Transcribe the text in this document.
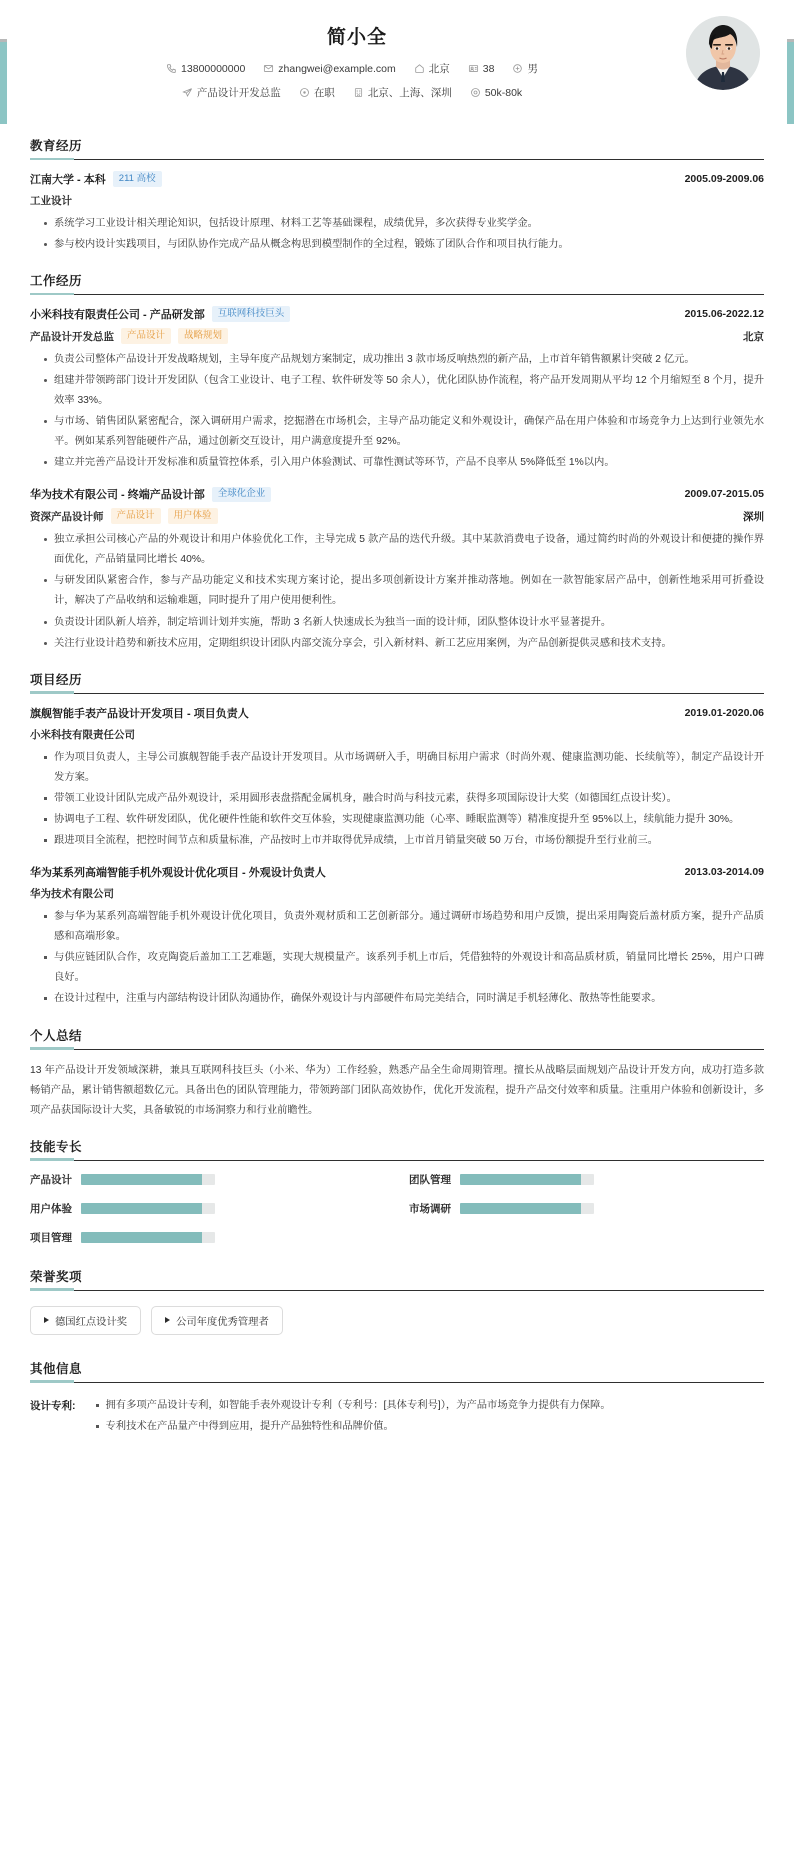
简小全
13800000000	zhangwei@example.com	北京	38	男
产品设计开发总监	在职	北京、上海、深圳	50k-80k
教育经历
江南大学 - 本科	211 高校	2005.09-2009.06
工业设计
系统学习工业设计相关理论知识，包括设计原理、材料工艺等基础课程，成绩优异，多次获得专业奖学金。
参与校内设计实践项目，与团队协作完成产品从概念构思到模型制作的全过程，锻炼了团队合作和项目执行能力。
工作经历
小米科技有限责任公司 - 产品研发部	互联网科技巨头	2015.06-2022.12
产品设计开发总监	产品设计	战略规划	北京
负责公司整体产品设计开发战略规划，主导年度产品规划方案制定，成功推出 3 款市场反响热烈的新产品，上市首年销售额累计突破 2 亿元。
组建并带领跨部门设计开发团队（包含工业设计、电子工程、软件研发等 50 余人），优化团队协作流程，将产品开发周期从平均 12 个月缩短至 8 个月，提升效率 33%。
与市场、销售团队紧密配合，深入调研用户需求，挖掘潜在市场机会，主导产品功能定义和外观设计，确保产品在用户体验和市场竞争力上达到行业领先水平。例如某系列智能硬件产品，通过创新交互设计，用户满意度提升至 92%。
建立并完善产品设计开发标准和质量管控体系，引入用户体验测试、可靠性测试等环节，产品不良率从 5%降低至 1%以内。
华为技术有限公司 - 终端产品设计部	全球化企业	2009.07-2015.05
资深产品设计师	产品设计	用户体验	深圳
独立承担公司核心产品的外观设计和用户体验优化工作，主导完成 5 款产品的迭代升级。其中某款消费电子设备，通过简约时尚的外观设计和便捷的操作界面优化，产品销量同比增长 40%。
与研发团队紧密合作，参与产品功能定义和技术实现方案讨论，提出多项创新设计方案并推动落地。例如在一款智能家居产品中，创新性地采用可折叠设计，解决了产品收纳和运输难题，同时提升了用户使用便利性。
负责设计团队新人培养，制定培训计划并实施，帮助 3 名新人快速成长为独当一面的设计师，团队整体设计水平显著提升。
关注行业设计趋势和新技术应用，定期组织设计团队内部交流分享会，引入新材料、新工艺应用案例，为产品创新提供灵感和技术支持。
项目经历
旗舰智能手表产品设计开发项目 - 项目负责人	2019.01-2020.06
小米科技有限责任公司
作为项目负责人，主导公司旗舰智能手表产品设计开发项目。从市场调研入手，明确目标用户需求（时尚外观、健康监测功能、长续航等），制定产品设计开发方案。
带领工业设计团队完成产品外观设计，采用圆形表盘搭配金属机身，融合时尚与科技元素，获得多项国际设计大奖（如德国红点设计奖）。
协调电子工程、软件研发团队，优化硬件性能和软件交互体验，实现健康监测功能（心率、睡眠监测等）精准度提升至 95%以上，续航能力提升 30%。
跟进项目全流程，把控时间节点和质量标准，产品按时上市并取得优异成绩，上市首月销量突破 50 万台，市场份额提升至行业前三。
华为某系列高端智能手机外观设计优化项目 - 外观设计负责人	2013.03-2014.09
华为技术有限公司
参与华为某系列高端智能手机外观设计优化项目，负责外观材质和工艺创新部分。通过调研市场趋势和用户反馈，提出采用陶瓷后盖材质方案，提升产品质感和高端形象。
与供应链团队合作，攻克陶瓷后盖加工工艺难题，实现大规模量产。该系列手机上市后，凭借独特的外观设计和高品质材质，销量同比增长 25%，用户口碑良好。
在设计过程中，注重与内部结构设计团队沟通协作，确保外观设计与内部硬件布局完美结合，同时满足手机轻薄化、散热等性能要求。
个人总结
13 年产品设计开发领域深耕，兼具互联网科技巨头（小米、华为）工作经验，熟悉产品全生命周期管理。擅长从战略层面规划产品设计开发方向，成功打造多款畅销产品，累计销售额超数亿元。具备出色的团队管理能力，带领跨部门团队高效协作，优化开发流程，提升产品交付效率和质量。注重用户体验和创新设计，多项产品获国际设计大奖，具备敏锐的市场洞察力和行业前瞻性。
技能专长
产品设计	团队管理
用户体验	市场调研
项目管理
荣誉奖项
德国红点设计奖	公司年度优秀管理者
其他信息
设计专利:	拥有多项产品设计专利，如智能手表外观设计专利（专利号：[具体专利号]），为产品市场竞争力提供有力保障。
专利技术在产品量产中得到应用，提升产品独特性和品牌价值。
